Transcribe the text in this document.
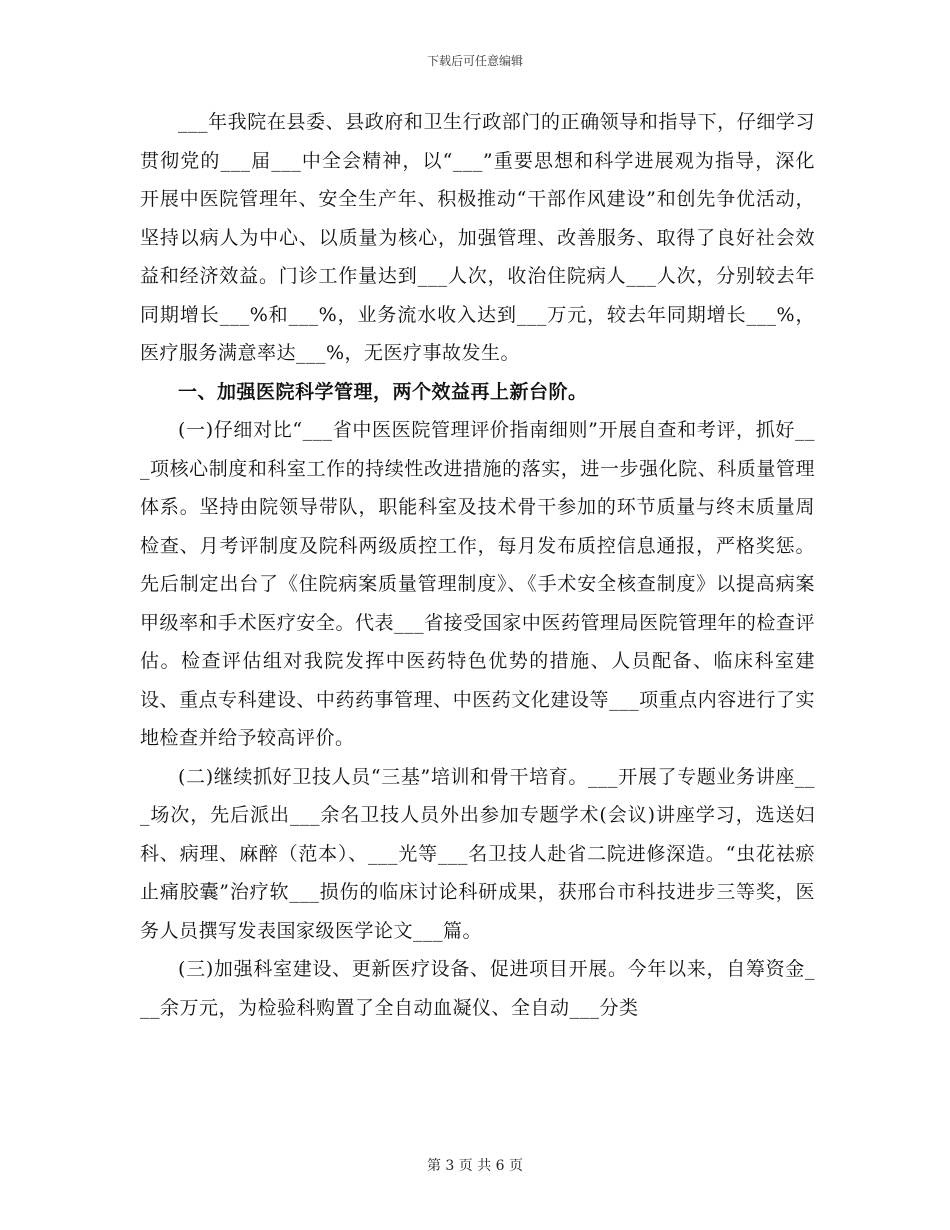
下载后可任意编辑

___年我院在县委、县政府和卫生行政部门的正确领导和指导下，仔细学习贯彻党的___届___中全会精神，以“___”重要思想和科学进展观为指导，深化开展中医院管理年、安全生产年、积极推动“干部作风建设”和创先争优活动，坚持以病人为中心、以质量为核心，加强管理、改善服务、取得了良好社会效益和经济效益。门诊工作量达到___人次，收治住院病人___人次，分别较去年同期增长___%和___%，业务流水收入达到___万元，较去年同期增长___%，医疗服务满意率达___%，无医疗事故发生。

一、加强医院科学管理，两个效益再上新台阶。

(一)仔细对比“___省中医医院管理评价指南细则”开展自查和考评，抓好___项核心制度和科室工作的持续性改进措施的落实，进一步强化院、科质量管理体系。坚持由院领导带队，职能科室及技术骨干参加的环节质量与终末质量周检查、月考评制度及院科两级质控工作，每月发布质控信息通报，严格奖惩。先后制定出台了《住院病案质量管理制度》、《手术安全核查制度》以提高病案甲级率和手术医疗安全。代表___省接受国家中医药管理局医院管理年的检查评估。检查评估组对我院发挥中医药特色优势的措施、人员配备、临床科室建设、重点专科建设、中药药事管理、中医药文化建设等___项重点内容进行了实地检查并给予较高评价。

(二)继续抓好卫技人员“三基”培训和骨干培育。___开展了专题业务讲座___场次，先后派出___余名卫技人员外出参加专题学术(会议)讲座学习，选送妇科、病理、麻醉（范本）、___光等___名卫技人赴省二院进修深造。“虫花祛瘀止痛胶囊”治疗软___损伤的临床讨论科研成果，获邢台市科技进步三等奖，医务人员撰写发表国家级医学论文___篇。

(三)加强科室建设、更新医疗设备、促进项目开展。今年以来，自筹资金___余万元，为检验科购置了全自动血凝仪、全自动___分类

第 3 页 共 6 页
